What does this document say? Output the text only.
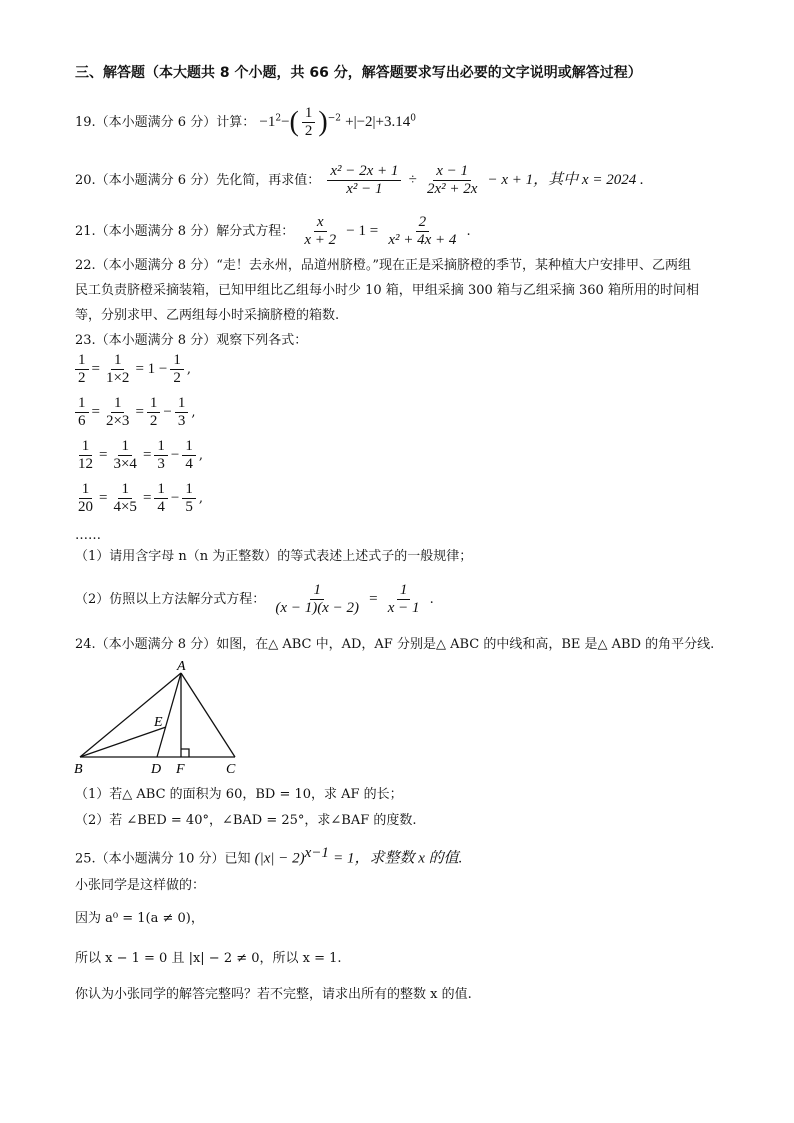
三、解答题（本大题共 8 个小题，共 66 分，解答题要求写出必要的文字说明或解答过程）
19.（本小题满分 6 分）计算： $-1^2-( \frac{1}{2} )^{-2} +|-2|+3.14^0$
20.（本小题满分 6 分）先化简，再求值： $\frac{\text{x² − 2x + 1}}{\text{x² − 1}} \div \frac{x - 1}{\text{2x² + 2x}} - x + 1$，其中 x = 2024 .
21.（本小题满分 8 分）解分式方程： $\frac{x}{x + 2} - 1 = \frac{2}{\text{x² + 4x + 4}}$ .
22.（本小题满分 8 分）“走！去永州，品道州脐橙。”现在正是采摘脐橙的季节，某种植大户安排甲、乙两组
民工负责脐橙采摘装箱，已知甲组比乙组每小时少 10 箱，甲组采摘 300 箱与乙组采摘 360 箱所用的时间相
等，分别求甲、乙两组每小时采摘脐橙的箱数.
23.（本小题满分 8 分）观察下列各式：
$\frac{1}{2} = \frac{1}{1\times 2} = 1 - \frac{1}{2}$ ,
$\frac{1}{6} = \frac{1}{2\times 3} = \frac{1}{2} - \frac{1}{3}$ ,
$\frac{1}{12} = \frac{1}{3\times 4} = \frac{1}{3} - \frac{1}{4}$ ,
$\frac{1}{20} = \frac{1}{4\times 5} = \frac{1}{4} - \frac{1}{5}$ ,
……
（1）请用含字母 n（n 为正整数）的等式表述上述式子的一般规律；
（2）仿照以上方法解分式方程： $\frac{1}{(x - 1)(x - 2)} = \frac{1}{x - 1}$ .
24.（本小题满分 8 分）如图，在△ ABC 中，AD，AF 分别是△ ABC 的中线和高，BE 是△ ABD 的角平分线.
A
B	D F	C
E
（1）若△ ABC 的面积为 60，BD = 10，求 AF 的长；
（2）若 ∠BED = 40°，∠BAD = 25°，求∠BAF 的度数.
25.（本小题满分 10 分）已知 $(|x| - 2)^{x-1} = 1$，求整数 x 的值.
小张同学是这样做的：
因为 a⁰ = 1(a ≠ 0)，
所以 x − 1 = 0 且 |x| − 2 ≠ 0，所以 x = 1.
你认为小张同学的解答完整吗？若不完整，请求出所有的整数 x 的值.
